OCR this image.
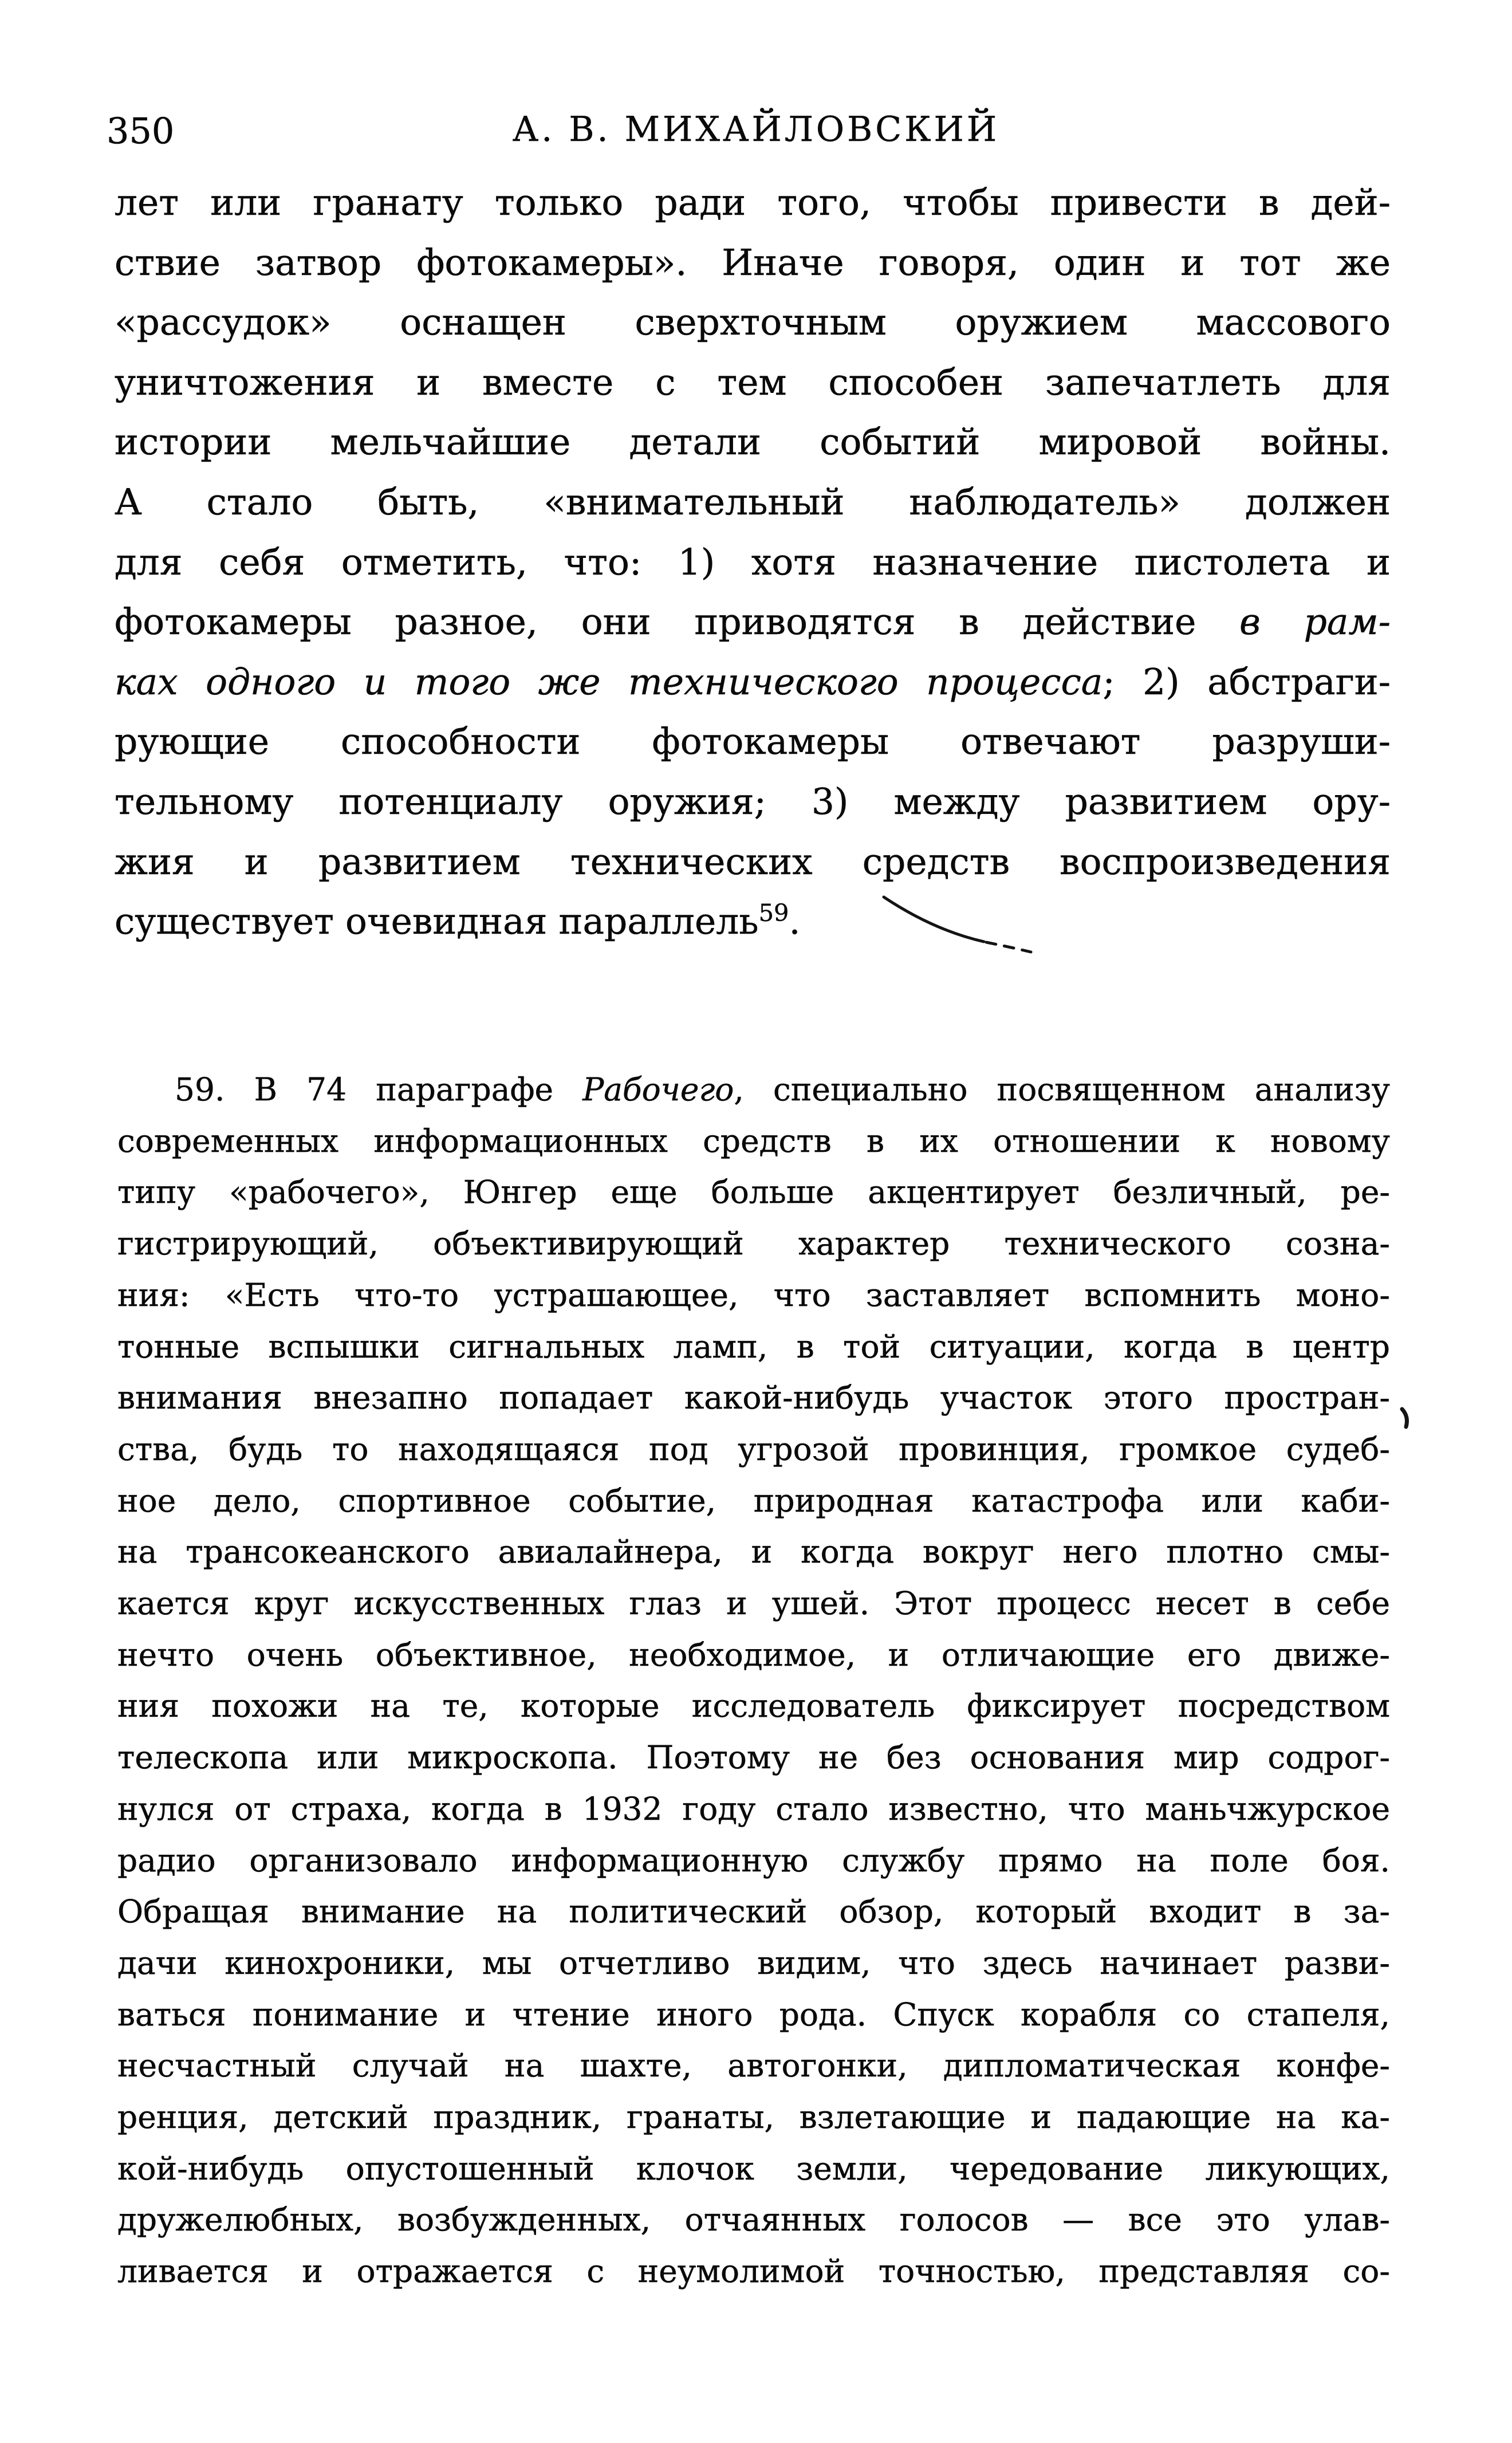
350	А. В. МИХАЙЛОВСКИЙ
лет или гранату только ради того, чтобы привести в дей-
ствие затвор фотокамеры». Иначе говоря, один и тот же
«рассудок» оснащен сверхточным оружием массового
уничтожения и вместе с тем способен запечатлеть для
истории мельчайшие детали событий мировой войны.
А стало быть, «внимательный наблюдатель» должен
для себя отметить, что: 1) хотя назначение пистолета и
фотокамеры разное, они приводятся в действие в рам-
ках одного и того же технического процесса; 2) абстраги-
рующие способности фотокамеры отвечают разруши-
тельному потенциалу оружия; 3) между развитием ору-
жия и развитием технических средств воспроизведения
существует очевидная параллель$^{59}$.
59. В 74 параграфе Рабочего, специально посвященном анализу
современных информационных средств в их отношении к новому
типу «рабочего», Юнгер еще больше акцентирует безличный, ре-
гистрирующий, объективирующий характер технического созна-
ния: «Есть что-то устрашающее, что заставляет вспомнить моно-
тонные вспышки сигнальных ламп, в той ситуации, когда в центр
внимания внезапно попадает какой-нибудь участок этого простран-
ства, будь то находящаяся под угрозой провинция, громкое судеб-
ное дело, спортивное событие, природная катастрофа или каби-
на трансокеанского авиалайнера, и когда вокруг него плотно смы-
кается круг искусственных глаз и ушей. Этот процесс несет в себе
нечто очень объективное, необходимое, и отличающие его движе-
ния похожи на те, которые исследователь фиксирует посредством
телескопа или микроскопа. Поэтому не без основания мир содрог-
нулся от страха, когда в 1932 году стало известно, что маньчжурское
радио организовало информационную службу прямо на поле боя.
Обращая внимание на политический обзор, который входит в за-
дачи кинохроники, мы отчетливо видим, что здесь начинает разви-
ваться понимание и чтение иного рода. Спуск корабля со стапеля,
несчастный случай на шахте, автогонки, дипломатическая конфе-
ренция, детский праздник, гранаты, взлетающие и падающие на ка-
кой-нибудь опустошенный клочок земли, чередование ликующих,
дружелюбных, возбужденных, отчаянных голосов — все это улав-
ливается и отражается с неумолимой точностью, представляя со-
